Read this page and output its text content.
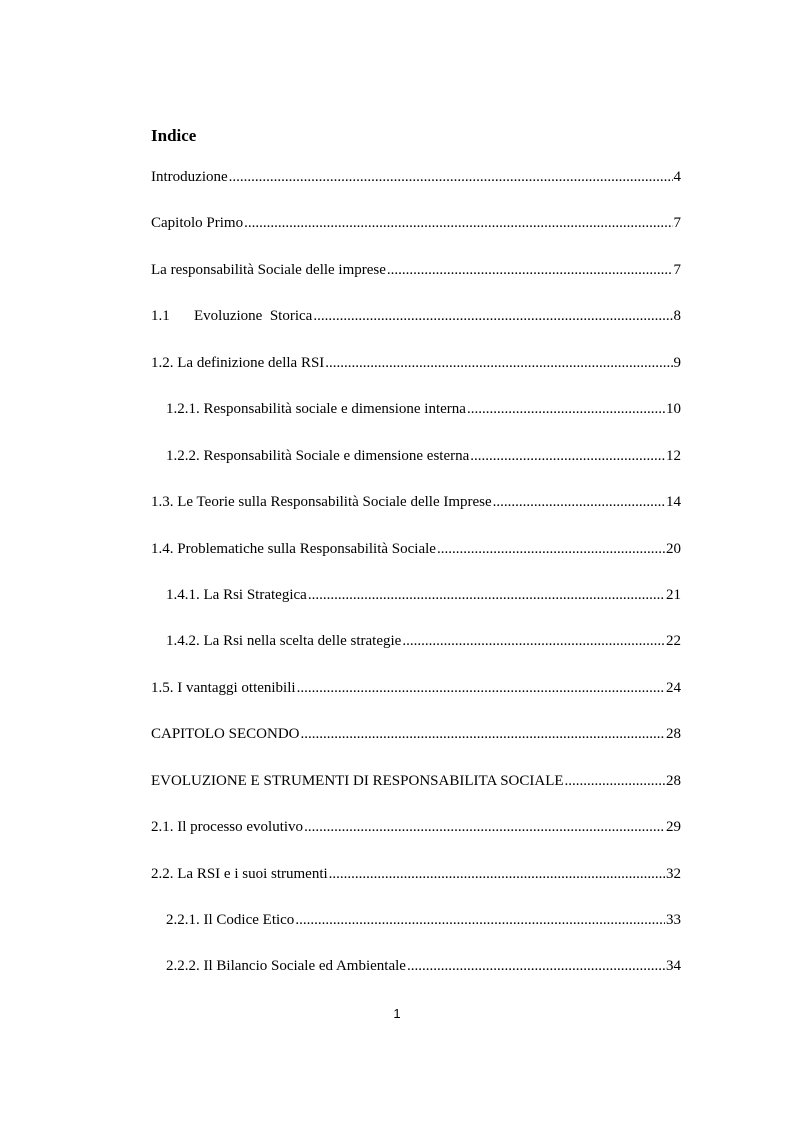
Indice
Introduzione .....	4
Capitolo Primo .....	7
La responsabilità Sociale delle imprese .....	7
1.1 Evoluzione  Storica .....	8
1.2. La definizione della RSI .....	9
1.2.1. Responsabilità sociale e dimensione interna .....	10
1.2.2. Responsabilità Sociale e dimensione esterna .....	12
1.3. Le Teorie sulla Responsabilità Sociale delle Imprese .....	14
1.4. Problematiche sulla Responsabilità Sociale .....	20
1.4.1. La Rsi Strategica .....	21
1.4.2. La Rsi nella scelta delle strategie .....	22
1.5. I vantaggi ottenibili .....	24
CAPITOLO SECONDO .....	28
EVOLUZIONE E STRUMENTI DI RESPONSABILITA SOCIALE .....	28
2.1. Il processo evolutivo .....	29
2.2. La RSI e i suoi strumenti .....	32
2.2.1. Il Codice Etico .....	33
2.2.2. Il Bilancio Sociale ed Ambientale .....	34
1
